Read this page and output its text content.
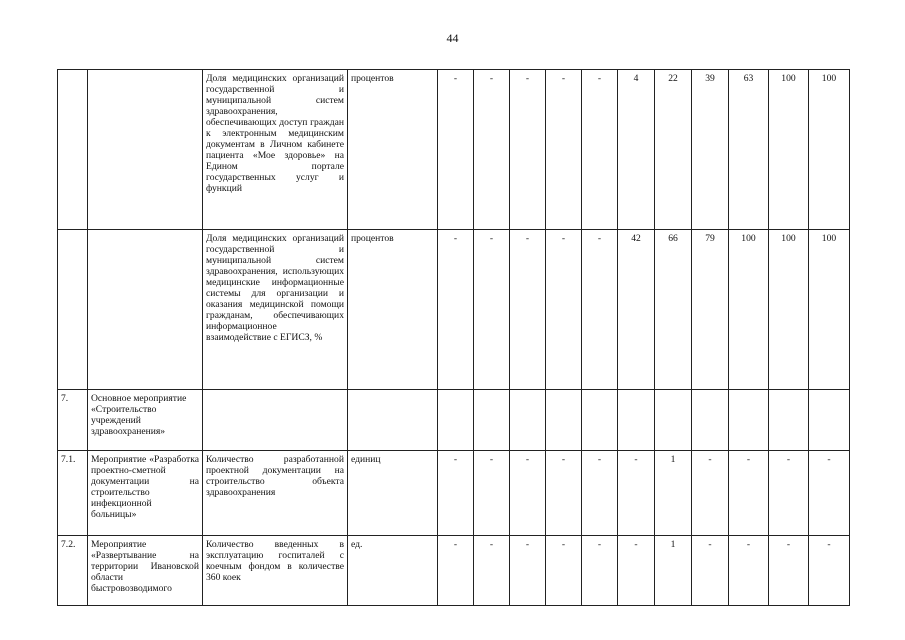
44
		Доля медицинских организаций государственной и муниципальной систем здравоохранения, обеспечивающих доступ граждан к электронным медицинским документам в Личном кабинете пациента «Мое здоровье» на Едином портале государственных услуг и функций	процентов	-	-	-	-	-	4	22	39	63	100	100
		Доля медицинских организаций государственной и муниципальной систем здравоохранения, использующих медицинские информационные системы для организации и оказания медицинской помощи гражданам, обеспечивающих информационное взаимодействие с ЕГИСЗ, %	процентов	-	-	-	-	-	42	66	79	100	100	100
7.	Основное мероприятие «Строительство учреждений здравоохранения»													
7.1.	Мероприятие «Разработка проектно-сметной документации на строительство инфекционной больницы»	Количество разработанной проектной документации на строительство объекта здравоохранения	единиц	-	-	-	-	-	-	1	-	-	-	-
7.2.	Мероприятие «Развертывание на территории Ивановской области быстровозводимого	Количество введенных в эксплуатацию госпиталей с коечным фондом в количестве 360 коек	ед.	-	-	-	-	-	-	1	-	-	-	-
